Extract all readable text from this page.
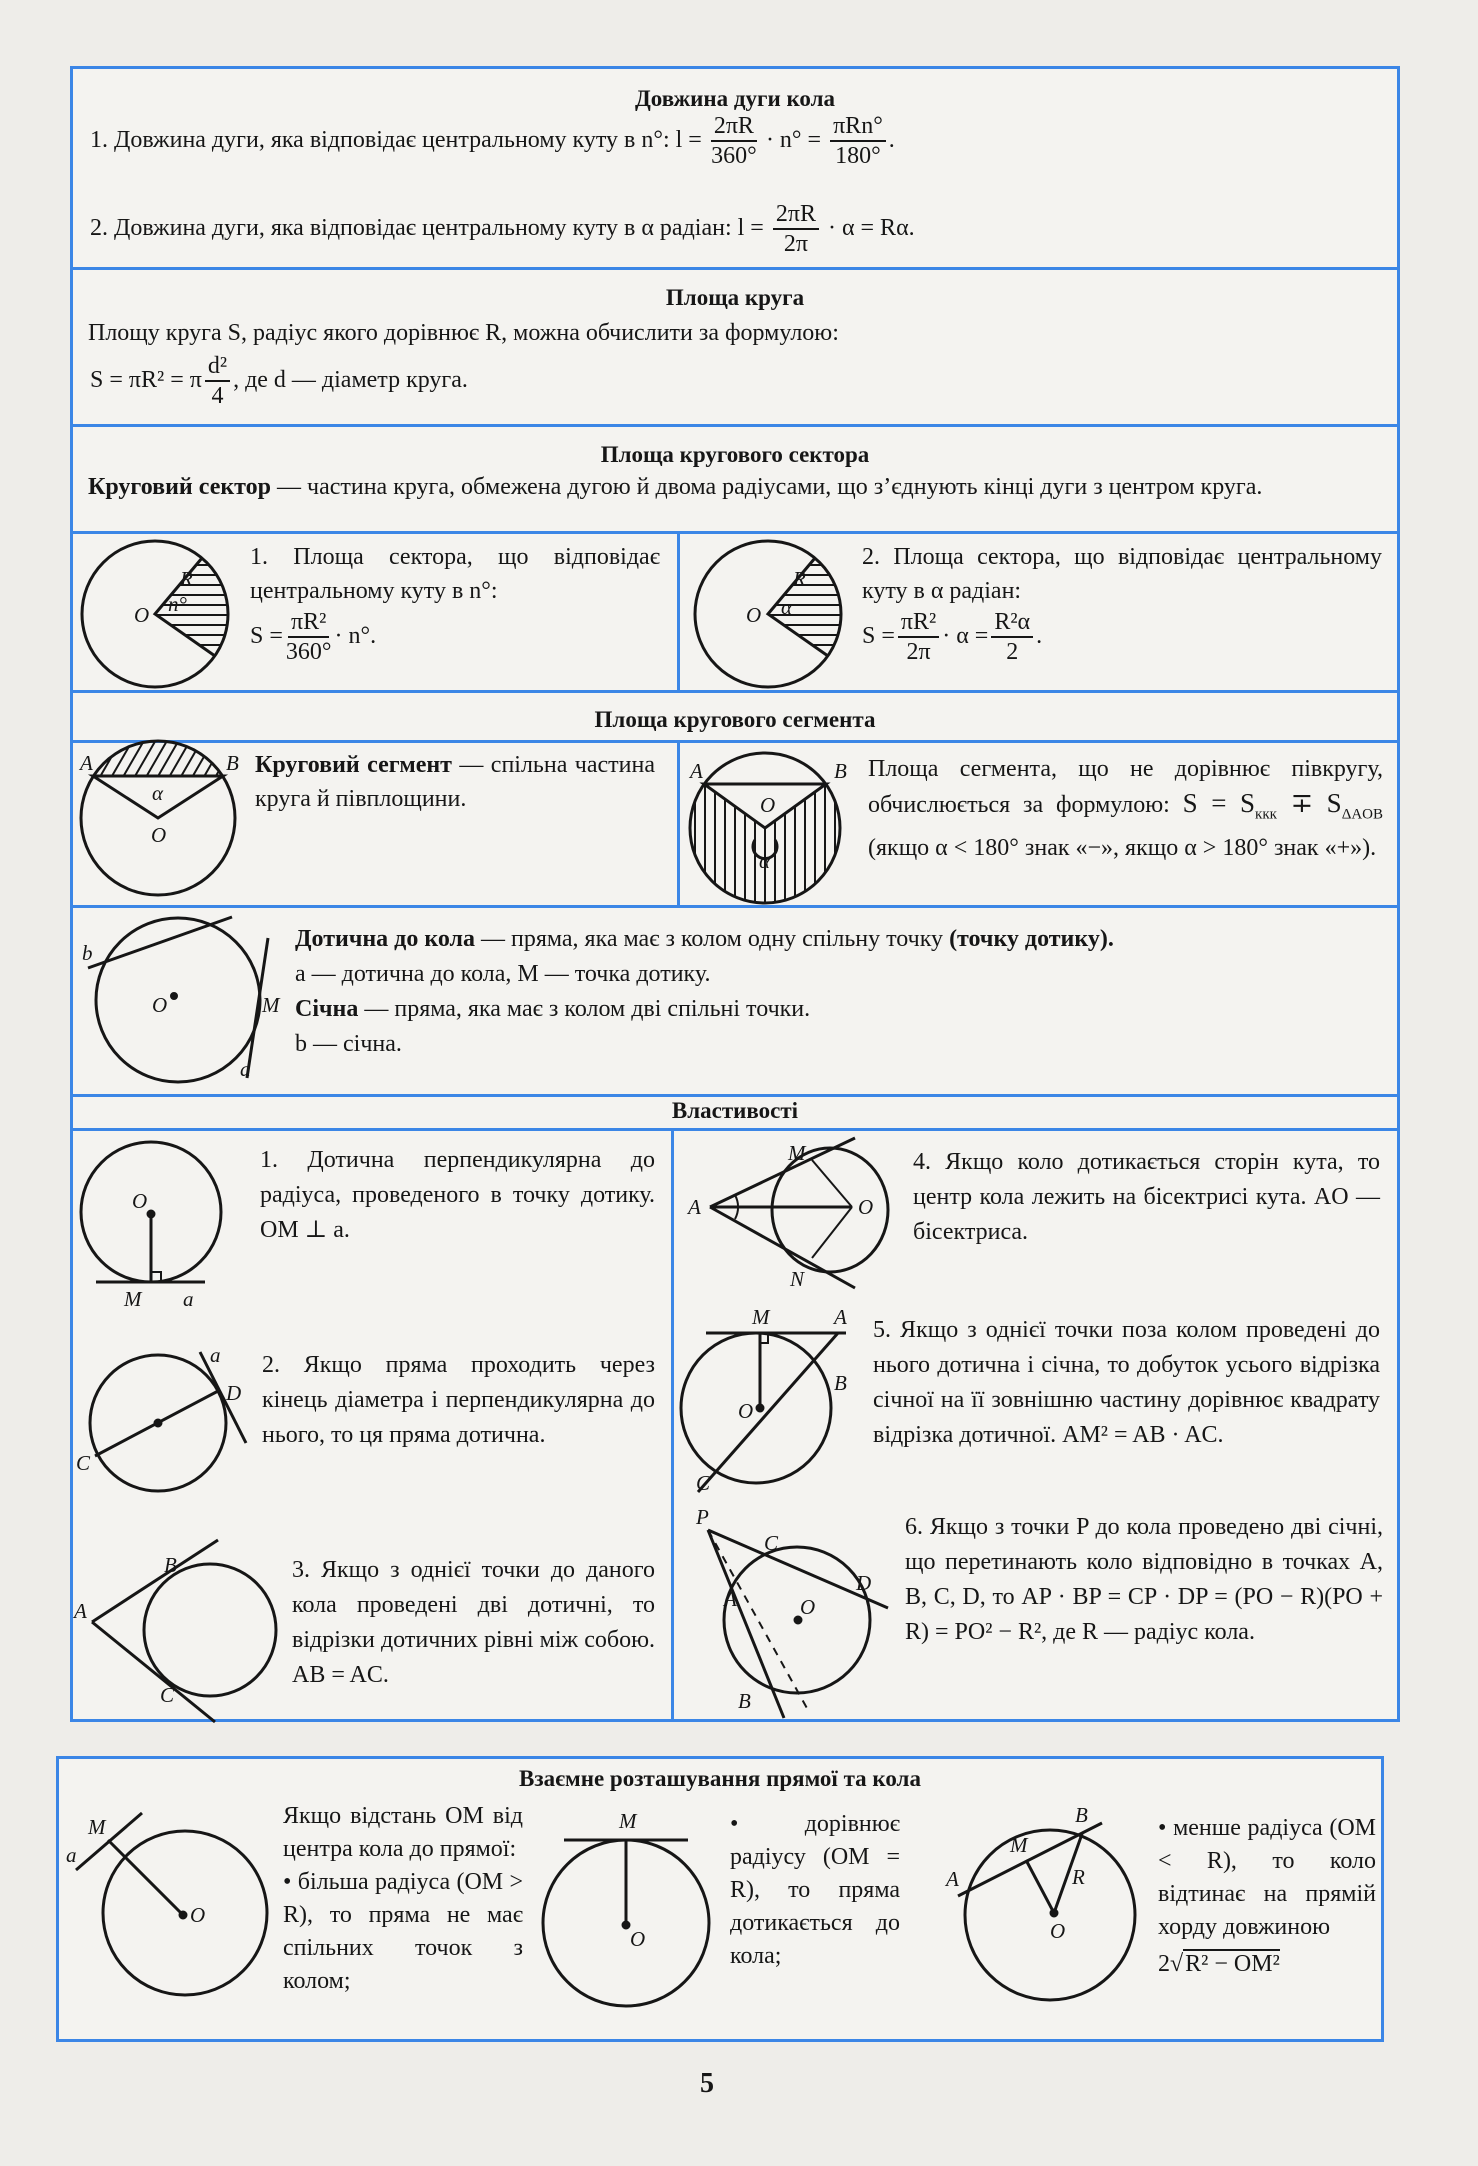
Довжина дуги кола
1. Довжина дуги, яка відповідає центральному куту в n°: $l = \frac{2\pi R}{360^\circ} \cdot n^\circ = \frac{\text{πRn°}}{180^\circ}$ .
2. Довжина дуги, яка відповідає центральному куту в α радіан: $l = \frac{2\pi R}{2\pi} \cdot \alpha = R\alpha$.
Площа круга
Площу круга S, радіус якого дорівнює R, можна обчислити за формулою:
S = πR² = π $\frac{\text{d²}}{4}$ , де d — діаметр круга.
Площа кругового сектора
Круговий сектор — частина круга, обмежена дугою й двома радіусами, що з’єднують кінці дуги з центром круга.
1. Площа сектора, що відповідає центральному куту в n°:
$S = \frac{\text{πR²}}{360^\circ} \cdot n^\circ$.
2. Площа сектора, що відповідає центральному куту в α радіан:
$S = \frac{\text{πR²}}{2\pi} \cdot \alpha = \frac{\text{R²α}}{2}$ .
Площа кругового сегмента
Круговий сегмент — спільна частина круга й півплощини.
Площа сегмента, що не дорівнює півкругу, обчислюється за формулою: $S = S_{ккк} \mp S_{\Delta AOB}$ (якщо α < 180° знак «−», якщо α > 180° знак «+»).
Дотична до кола — пряма, яка має з колом одну спільну точку (точку дотику).
a — дотична до кола, M — точка дотику.
Січна — пряма, яка має з колом дві спільні точки.
b — січна.
Властивості
1. Дотична перпендикулярна до радіуса, проведеного в точку дотику. OM ⊥ a.
2. Якщо пряма проходить через кінець діаметра і перпендикулярна до нього, то ця пряма дотична.
3. Якщо з однієї точки до даного кола проведені дві дотичні, то відрізки дотичних рівні між собою. AB = AC.
4. Якщо коло дотикається сторін кута, то центр кола лежить на бісектрисі кута. AO — бісектриса.
5. Якщо з однієї точки поза колом проведені до нього дотична і січна, то добуток усього відрізка січної на її зовнішню частину дорівнює квадрату відрізка дотичної. AM² = AB · AC.
6. Якщо з точки P до кола проведено дві січні, що перетинають коло відповідно в точках A, B, C, D, то AP · BP = CP · DP = (PO − R)(PO + R) = PO² − R², де R — радіус кола.
Взаємне розташування прямої та кола
Якщо відстань OM від центра кола до прямої:
• більша радіуса (OM > R), то пряма не має спільних точок з колом;
• дорівнює радіусу (OM = R), то пряма дотикається до кола;
• менше радіуса (OM < R), то коло відтинає на прямій хорду довжиною
2√R² − OM²
5
R
O n°
R
O α
A	B
α
O
A	B
O
α
b
O	M
a
O
M a
a
D
C
B
A
C
M
A	O
N
M	A
B
O
C
P
C
D
A	O
B
M
a
O
M
O
B
M
A	R
O
